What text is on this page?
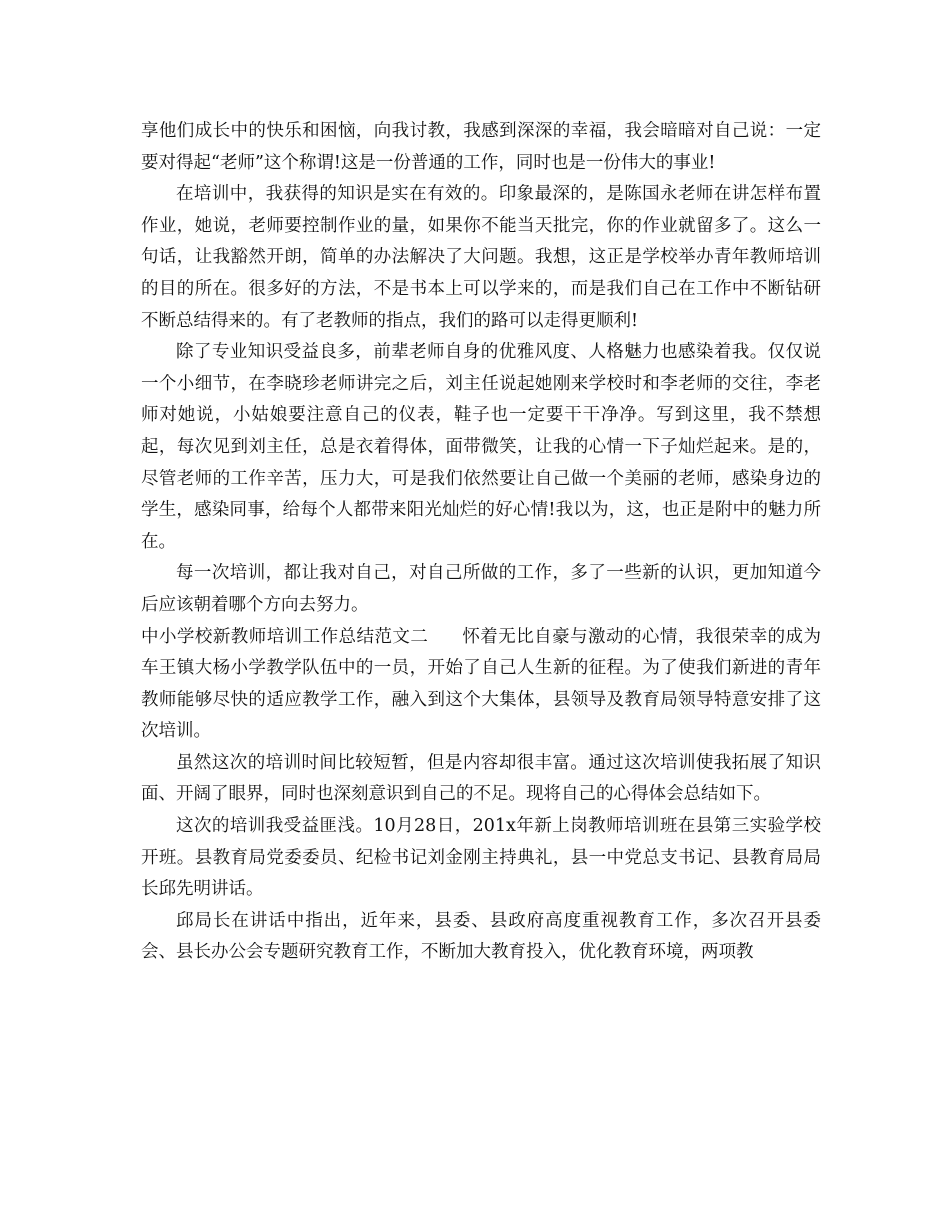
享他们成长中的快乐和困恼，向我讨教，我感到深深的幸福，我会暗暗对自己说：一定要对得起“老师”这个称谓!这是一份普通的工作，同时也是一份伟大的事业!

在培训中，我获得的知识是实在有效的。印象最深的，是陈国永老师在讲怎样布置作业，她说，老师要控制作业的量，如果你不能当天批完，你的作业就留多了。这么一句话，让我豁然开朗，简单的办法解决了大问题。我想，这正是学校举办青年教师培训的目的所在。很多好的方法，不是书本上可以学来的，而是我们自己在工作中不断钻研不断总结得来的。有了老教师的指点，我们的路可以走得更顺利!

除了专业知识受益良多，前辈老师自身的优雅风度、人格魅力也感染着我。仅仅说一个小细节，在李晓珍老师讲完之后，刘主任说起她刚来学校时和李老师的交往，李老师对她说，小姑娘要注意自己的仪表，鞋子也一定要干干净净。写到这里，我不禁想起，每次见到刘主任，总是衣着得体，面带微笑，让我的心情一下子灿烂起来。是的，尽管老师的工作辛苦，压力大，可是我们依然要让自己做一个美丽的老师，感染身边的学生，感染同事，给每个人都带来阳光灿烂的好心情!我以为，这，也正是附中的魅力所在。

每一次培训，都让我对自己，对自己所做的工作，多了一些新的认识，更加知道今后应该朝着哪个方向去努力。

中小学校新教师培训工作总结范文二 怀着无比自豪与激动的心情，我很荣幸的成为车王镇大杨小学教学队伍中的一员，开始了自己人生新的征程。为了使我们新进的青年教师能够尽快的适应教学工作，融入到这个大集体，县领导及教育局领导特意安排了这次培训。

虽然这次的培训时间比较短暂，但是内容却很丰富。通过这次培训使我拓展了知识面、开阔了眼界，同时也深刻意识到自己的不足。现将自己的心得体会总结如下。

这次的培训我受益匪浅。10月28日，201x年新上岗教师培训班在县第三实验学校开班。县教育局党委委员、纪检书记刘金刚主持典礼，县一中党总支书记、县教育局局长邱先明讲话。

邱局长在讲话中指出，近年来，县委、县政府高度重视教育工作，多次召开县委会、县长办公会专题研究教育工作，不断加大教育投入，优化教育环境，两项教
